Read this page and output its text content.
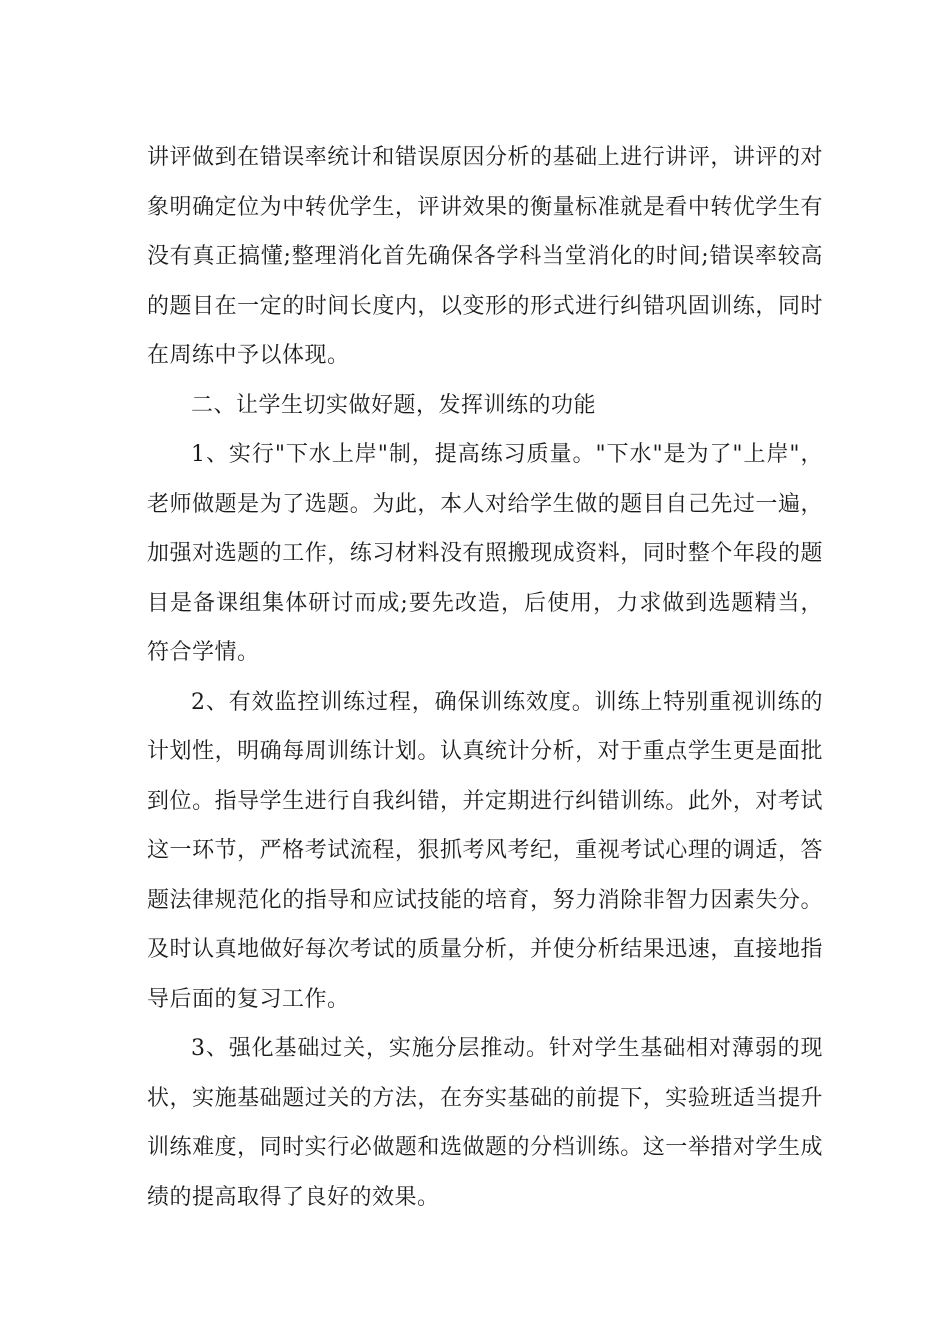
讲评做到在错误率统计和错误原因分析的基础上进行讲评，讲评的对象明确定位为中转优学生，评讲效果的衡量标准就是看中转优学生有没有真正搞懂;整理消化首先确保各学科当堂消化的时间;错误率较高的题目在一定的时间长度内，以变形的形式进行纠错巩固训练，同时在周练中予以体现。

二、让学生切实做好题，发挥训练的功能

1、实行"下水上岸"制，提高练习质量。"下水"是为了"上岸"，老师做题是为了选题。为此，本人对给学生做的题目自己先过一遍，加强对选题的工作，练习材料没有照搬现成资料，同时整个年段的题目是备课组集体研讨而成;要先改造，后使用，力求做到选题精当，符合学情。

2、有效监控训练过程，确保训练效度。训练上特别重视训练的计划性，明确每周训练计划。认真统计分析，对于重点学生更是面批到位。指导学生进行自我纠错，并定期进行纠错训练。此外，对考试这一环节，严格考试流程，狠抓考风考纪，重视考试心理的调适，答题法律规范化的指导和应试技能的培育，努力消除非智力因素失分。及时认真地做好每次考试的质量分析，并使分析结果迅速，直接地指导后面的复习工作。

3、强化基础过关，实施分层推动。针对学生基础相对薄弱的现状，实施基础题过关的方法，在夯实基础的前提下，实验班适当提升训练难度，同时实行必做题和选做题的分档训练。这一举措对学生成绩的提高取得了良好的效果。
